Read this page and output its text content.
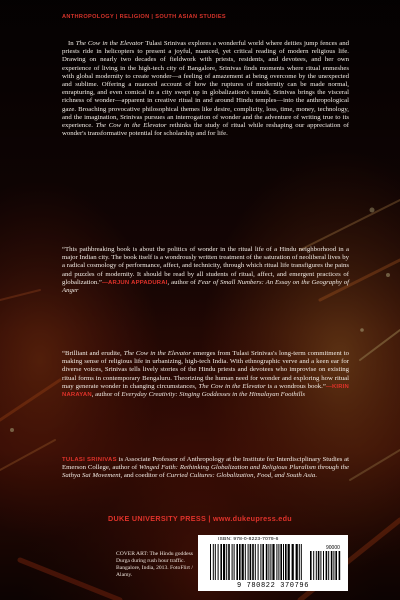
ANTHROPOLOGY | RELIGION | SOUTH ASIAN STUDIES
In The Cow in the Elevator Tulasi Srinivas explores a wonderful world where deities jump fences and priests ride in helicopters to present a joyful, nuanced, yet critical reading of modern religious life. Drawing on nearly two decades of fieldwork with priests, residents, and devotees, and her own experience of living in the high-tech city of Bangalore, Srinivas finds moments where ritual enmeshes with global modernity to create wonder—a feeling of amazement at being overcome by the unexpected and sublime. Offering a nuanced account of how the ruptures of modernity can be made normal, enrapturing, and even comical in a city swept up in globalization's tumult, Srinivas brings the visceral richness of wonder—apparent in creative ritual in and around Hindu temples—into the anthropological gaze. Broaching provocative philosophical themes like desire, complicity, loss, time, money, technology, and the imagination, Srinivas pursues an interrogation of wonder and the adventure of writing true to its experience. The Cow in the Elevator rethinks the study of ritual while reshaping our appreciation of wonder's transformative potential for scholarship and for life.
“This pathbreaking book is about the politics of wonder in the ritual life of a Hindu neighborhood in a major Indian city. The book itself is a wondrously written treatment of the saturation of neoliberal lives by a radical cosmology of performance, affect, and technicity, through which ritual life transfigures the pains and puzzles of modernity. It should be read by all students of ritual, affect, and emergent practices of globalization.”—ARJUN APPADURAI, author of Fear of Small Numbers: An Essay on the Geography of Anger
“Brilliant and erudite, The Cow in the Elevator emerges from Tulasi Srinivas's long-term commitment to making sense of religious life in urbanizing, high-tech India. With ethnographic verve and a keen ear for diverse voices, Srinivas tells lively stories of the Hindu priests and devotees who improvise on existing ritual forms in contemporary Bengaluru. Theorizing the human need for wonder and exploring how ritual may generate wonder in changing circumstances, The Cow in the Elevator is a wondrous book.”—KIRIN NARAYAN, author of Everyday Creativity: Singing Goddesses in the Himalayan Foothills
TULASI SRINIVAS is Associate Professor of Anthropology at the Institute for Interdisciplinary Studies at Emerson College, author of Winged Faith: Rethinking Globalization and Religious Pluralism through the Sathya Sai Movement, and coeditor of Curried Cultures: Globalization, Food, and South Asia.
DUKE UNIVERSITY PRESS | www.dukeupress.edu
COVER ART: The Hindu goddess Durga during rush hour traffic. Bangalore, India, 2013. FotoFlirt / Alamy.
ISBN: 978-0-8223-7079-6
90000
9 780822 370796
